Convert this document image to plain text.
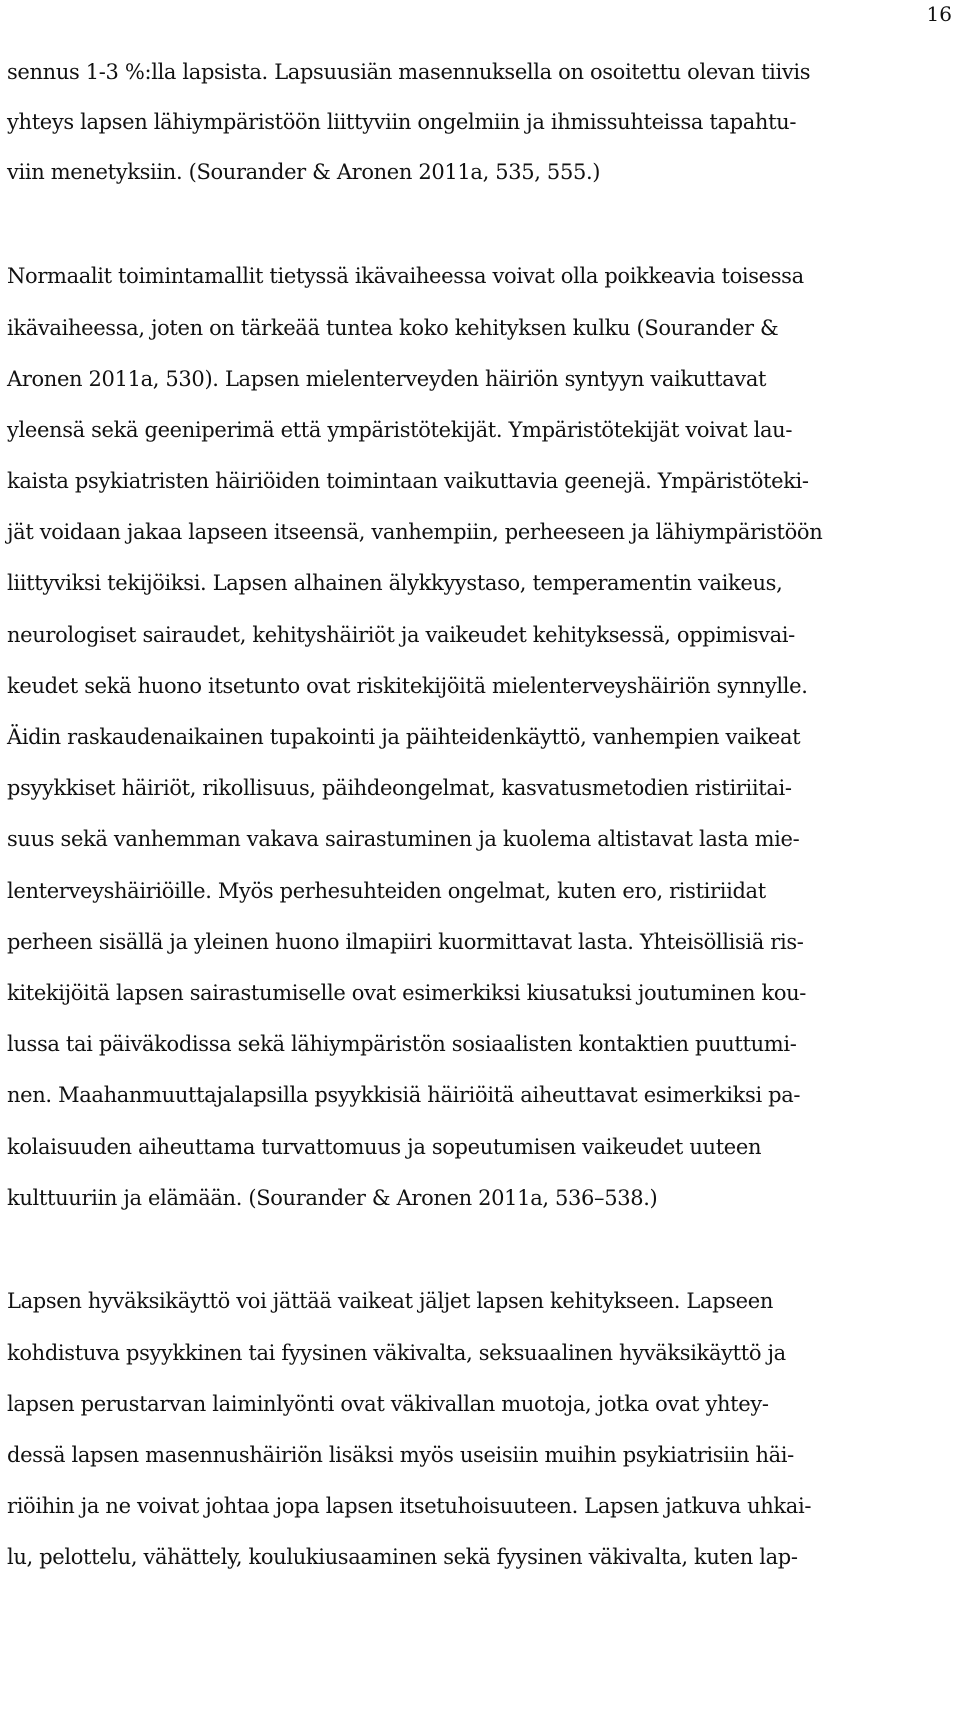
16
sennus 1-3 %:lla lapsista. Lapsuusiän masennuksella on osoitettu olevan tiivis
yhteys lapsen lähiympäristöön liittyviin ongelmiin ja ihmissuhteissa tapahtu-
viin menetyksiin. (Sourander & Aronen 2011a, 535, 555.)
Normaalit toimintamallit tietyssä ikävaiheessa voivat olla poikkeavia toisessa
ikävaiheessa, joten on tärkeää tuntea koko kehityksen kulku (Sourander &
Aronen 2011a, 530). Lapsen mielenterveyden häiriön syntyyn vaikuttavat
yleensä sekä geeniperimä että ympäristötekijät. Ympäristötekijät voivat lau-
kaista psykiatristen häiriöiden toimintaan vaikuttavia geenejä. Ympäristöteki-
jät voidaan jakaa lapseen itseensä, vanhempiin, perheeseen ja lähiympäristöön
liittyviksi tekijöiksi. Lapsen alhainen älykkyystaso, temperamentin vaikeus,
neurologiset sairaudet, kehityshäiriöt ja vaikeudet kehityksessä, oppimisvai-
keudet sekä huono itsetunto ovat riskitekijöitä mielenterveyshäiriön synnylle.
Äidin raskaudenaikainen tupakointi ja päihteidenkäyttö, vanhempien vaikeat
psyykkiset häiriöt, rikollisuus, päihdeongelmat, kasvatusmetodien ristiriitai-
suus sekä vanhemman vakava sairastuminen ja kuolema altistavat lasta mie-
lenterveyshäiriöille. Myös perhesuhteiden ongelmat, kuten ero, ristiriidat
perheen sisällä ja yleinen huono ilmapiiri kuormittavat lasta. Yhteisöllisiä ris-
kitekijöitä lapsen sairastumiselle ovat esimerkiksi kiusatuksi joutuminen kou-
lussa tai päiväkodissa sekä lähiympäristön sosiaalisten kontaktien puuttumi-
nen. Maahanmuuttajalapsilla psyykkisiä häiriöitä aiheuttavat esimerkiksi pa-
kolaisuuden aiheuttama turvattomuus ja sopeutumisen vaikeudet uuteen
kulttuuriin ja elämään. (Sourander & Aronen 2011a, 536–538.)
Lapsen hyväksikäyttö voi jättää vaikeat jäljet lapsen kehitykseen. Lapseen
kohdistuva psyykkinen tai fyysinen väkivalta, seksuaalinen hyväksikäyttö ja
lapsen perustarvan laiminlyönti ovat väkivallan muotoja, jotka ovat yhtey-
dessä lapsen masennushäiriön lisäksi myös useisiin muihin psykiatrisiin häi-
riöihin ja ne voivat johtaa jopa lapsen itsetuhoisuuteen. Lapsen jatkuva uhkai-
lu, pelottelu, vähättely, koulukiusaaminen sekä fyysinen väkivalta, kuten lap-
